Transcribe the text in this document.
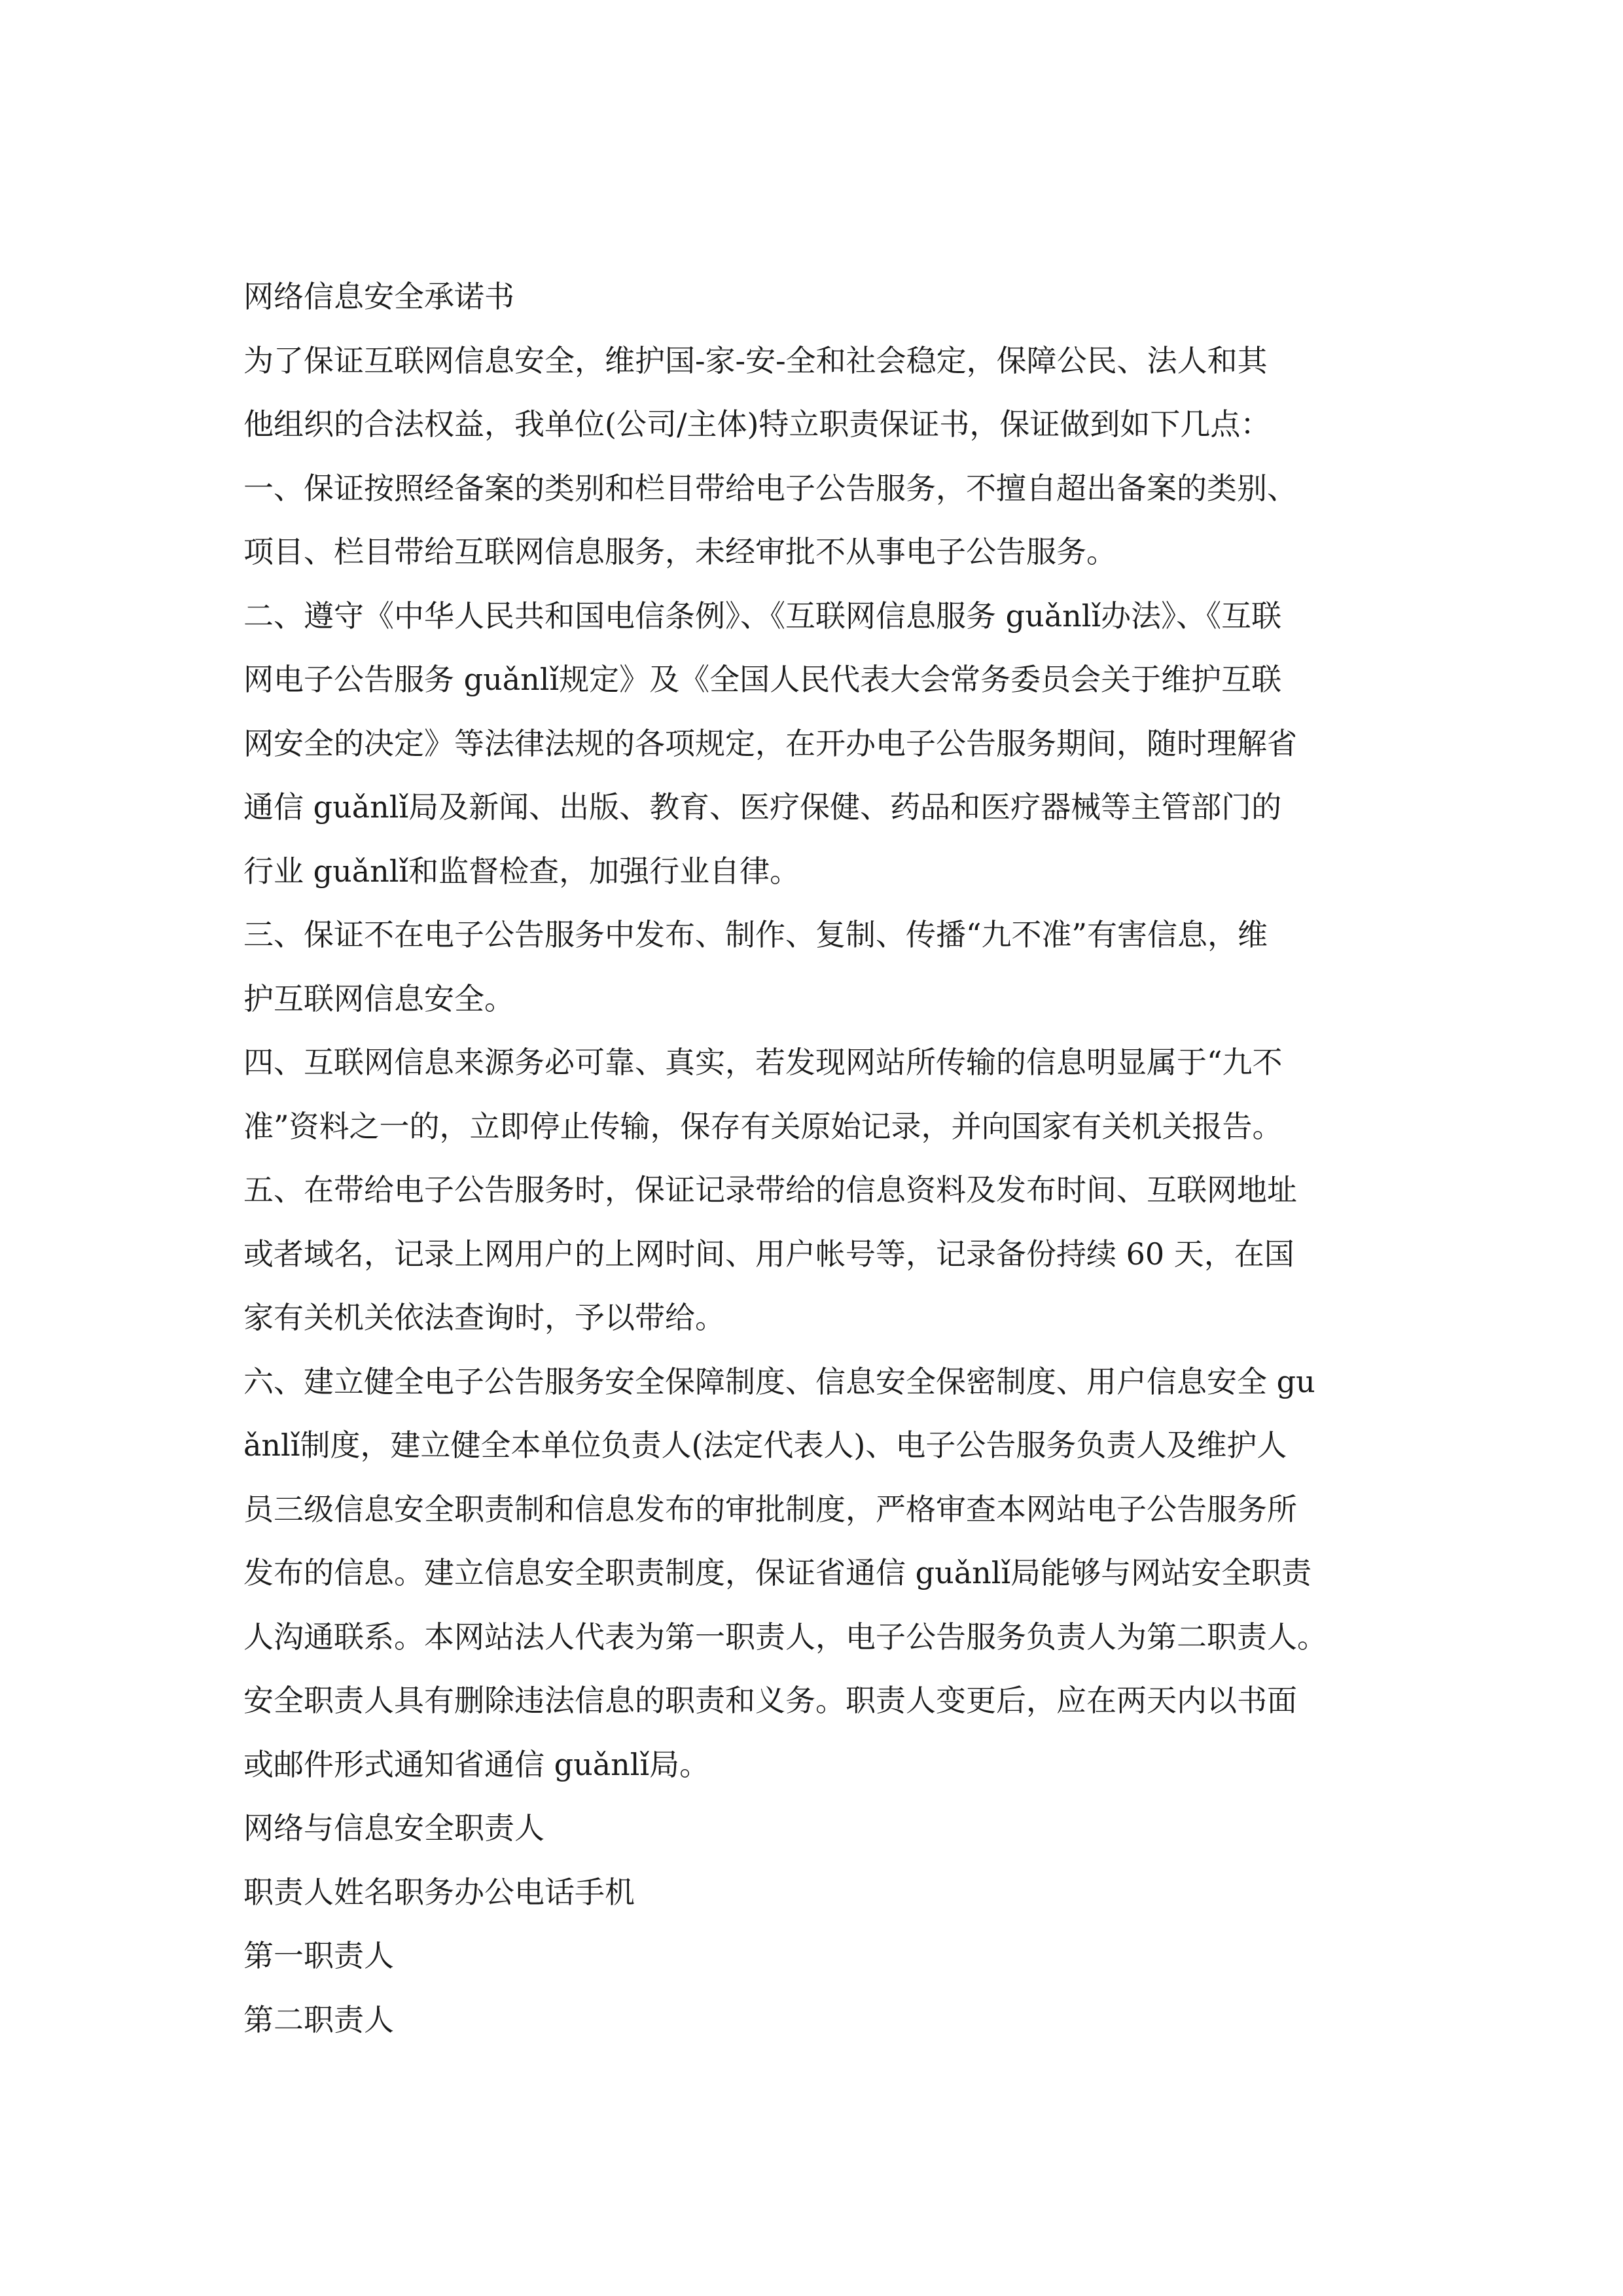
网络信息安全承诺书
为了保证互联网信息安全，维护国-家-安-全和社会稳定，保障公民、法人和其
他组织的合法权益，我单位(公司/主体)特立职责保证书，保证做到如下几点：
一、保证按照经备案的类别和栏目带给电子公告服务，不擅自超出备案的类别、
项目、栏目带给互联网信息服务，未经审批不从事电子公告服务。
二、遵守《中华人民共和国电信条例》、《互联网信息服务 guǎnlǐ办法》、《互联
网电子公告服务 guǎnlǐ规定》及《全国人民代表大会常务委员会关于维护互联
网安全的决定》等法律法规的各项规定，在开办电子公告服务期间，随时理解省
通信 guǎnlǐ局及新闻、出版、教育、医疗保健、药品和医疗器械等主管部门的
行业 guǎnlǐ和监督检查，加强行业自律。
三、保证不在电子公告服务中发布、制作、复制、传播“九不准”有害信息，维
护互联网信息安全。
四、互联网信息来源务必可靠、真实，若发现网站所传输的信息明显属于“九不
准”资料之一的，立即停止传输，保存有关原始记录，并向国家有关机关报告。
五、在带给电子公告服务时，保证记录带给的信息资料及发布时间、互联网地址
或者域名，记录上网用户的上网时间、用户帐号等，记录备份持续 60 天，在国
家有关机关依法查询时，予以带给。
六、建立健全电子公告服务安全保障制度、信息安全保密制度、用户信息安全 gu
ǎnlǐ制度，建立健全本单位负责人(法定代表人)、电子公告服务负责人及维护人
员三级信息安全职责制和信息发布的审批制度，严格审查本网站电子公告服务所
发布的信息。建立信息安全职责制度，保证省通信 guǎnlǐ局能够与网站安全职责
人沟通联系。本网站法人代表为第一职责人，电子公告服务负责人为第二职责人。
安全职责人具有删除违法信息的职责和义务。职责人变更后，应在两天内以书面
或邮件形式通知省通信 guǎnlǐ局。
网络与信息安全职责人
职责人姓名职务办公电话手机
第一职责人
第二职责人
